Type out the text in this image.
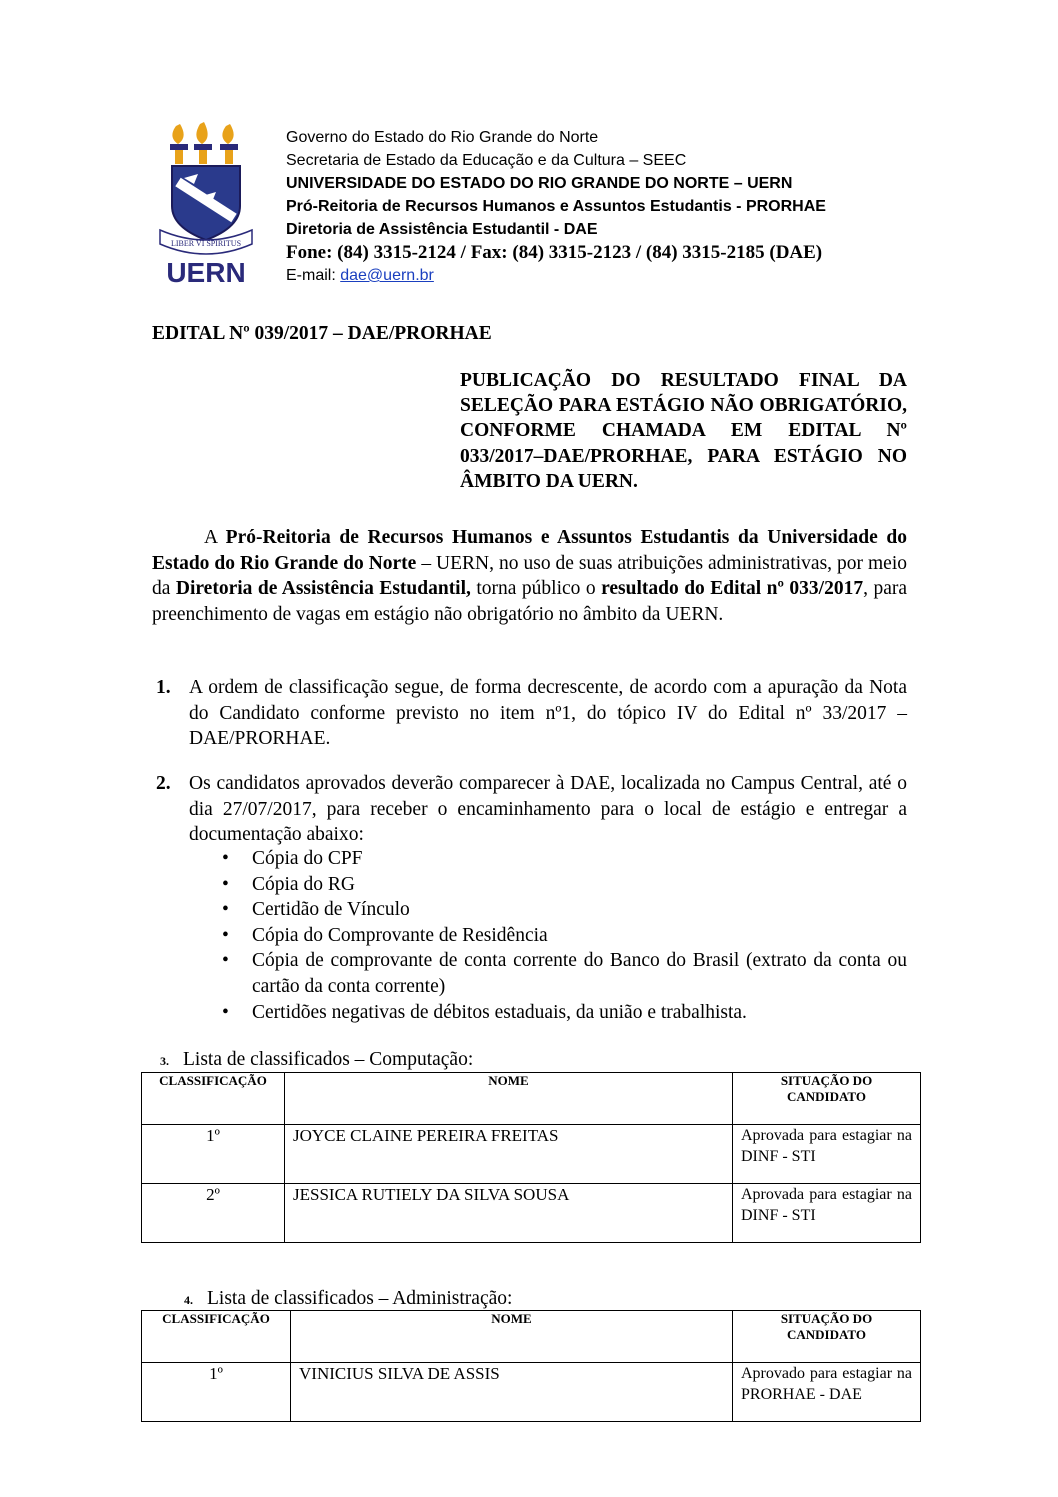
LIBER VI SPIRITUS
UERN
Governo do Estado do Rio Grande do Norte
Secretaria de Estado da Educação e da Cultura – SEEC
UNIVERSIDADE DO ESTADO DO RIO GRANDE DO NORTE – UERN
Pró-Reitoria de Recursos Humanos e Assuntos Estudantis - PRORHAE
Diretoria de Assistência Estudantil - DAE
Fone: (84) 3315-2124 / Fax: (84) 3315-2123 / (84) 3315-2185 (DAE)
E-mail: dae@uern.br
EDITAL Nº 039/2017 – DAE/PRORHAE
PUBLICAÇÃO DO RESULTADO FINAL DA SELEÇÃO PARA ESTÁGIO NÃO OBRIGATÓRIO, CONFORME CHAMADA EM EDITAL Nº 033/2017–DAE/PRORHAE, PARA ESTÁGIO NO ÂMBITO DA UERN.
A Pró-Reitoria de Recursos Humanos e Assuntos Estudantis da Universidade do Estado do Rio Grande do Norte – UERN, no uso de suas atribuições administrativas, por meio da Diretoria de Assistência Estudantil, torna público o resultado do Edital nº 033/2017, para preenchimento de vagas em estágio não obrigatório no âmbito da UERN.
1. A ordem de classificação segue, de forma decrescente, de acordo com a apuração da Nota do Candidato conforme previsto no item nº1, do tópico IV do Edital nº 33/2017 – DAE/PRORHAE.
2. Os candidatos aprovados deverão comparecer à DAE, localizada no Campus Central, até o dia 27/07/2017, para receber o encaminhamento para o local de estágio e entregar a documentação abaixo:
• Cópia do CPF
• Cópia do RG
• Certidão de Vínculo
• Cópia do Comprovante de Residência
• Cópia de comprovante de conta corrente do Banco do Brasil (extrato da conta ou cartão da conta corrente)
• Certidões negativas de débitos estaduais, da união e trabalhista.
3. Lista de classificados – Computação:
CLASSIFICAÇÃO	NOME	SITUAÇÃO DO CANDIDATO
1º	JOYCE CLAINE PEREIRA FREITAS	Aprovada para estagiar na DINF - STI
2º	JESSICA RUTIELY DA SILVA SOUSA	Aprovada para estagiar na DINF - STI
4. Lista de classificados – Administração:
CLASSIFICAÇÃO	NOME	SITUAÇÃO DO CANDIDATO
1º	VINICIUS SILVA DE ASSIS	Aprovado para estagiar na PRORHAE - DAE
